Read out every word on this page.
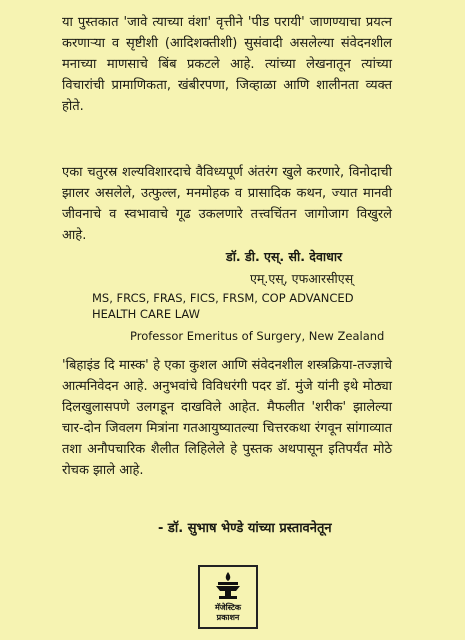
या पुस्तकात 'जावे त्याच्या वंशा' वृत्तीने 'पीड परायी' जाणण्याचा प्रयत्न करणाऱ्या व सृष्टीशी (आदिशक्तीशी) सुसंवादी असलेल्या संवेदनशील मनाच्या माणसाचे बिंब प्रकटले आहे. त्यांच्या लेखनातून त्यांच्या विचारांची प्रामाणिकता, खंबीरपणा, जिव्हाळा आणि शालीनता व्यक्त होते.

एका चतुरस्र शल्यविशारदाचे वैविध्यपूर्ण अंतरंग खुले करणारे, विनोदाची झालर असलेले, उत्फुल्ल, मनमोहक व प्रासादिक कथन, ज्यात मानवी जीवनाचे व स्वभावाचे गूढ उकलणारे तत्त्वचिंतन जागोजाग विखुरले आहे.

डॉ. डी. एस्. सी. देवाधार

एम्.एस्, एफआरसीएस्

MS, FRCS, FRAS, FICS, FRSM, COP ADVANCED HEALTH CARE LAW

Professor Emeritus of Surgery, New Zealand

'बिहाइंड दि मास्क' हे एका कुशल आणि संवेदनशील शस्त्रक्रिया-तज्ज्ञाचे आत्मनिवेदन आहे. अनुभवांचे विविधरंगी पदर डॉ. मुंजे यांनी इथे मोठ्या दिलखुलासपणे उलगडून दाखविले आहेत. मैफलीत 'शरीक' झालेल्या चार-दोन जिवलग मित्रांना गतआयुष्यातल्या चित्तरकथा रंगवून सांगाव्यात तशा अनौपचारिक शैलीत लिहिलेले हे पुस्तक अथपासून इतिपर्यंत मोठे रोचक झाले आहे.

- डॉ. सुभाष भेण्डे यांच्या प्रस्तावनेतून

मॅजेस्टिक
प्रकाशन
